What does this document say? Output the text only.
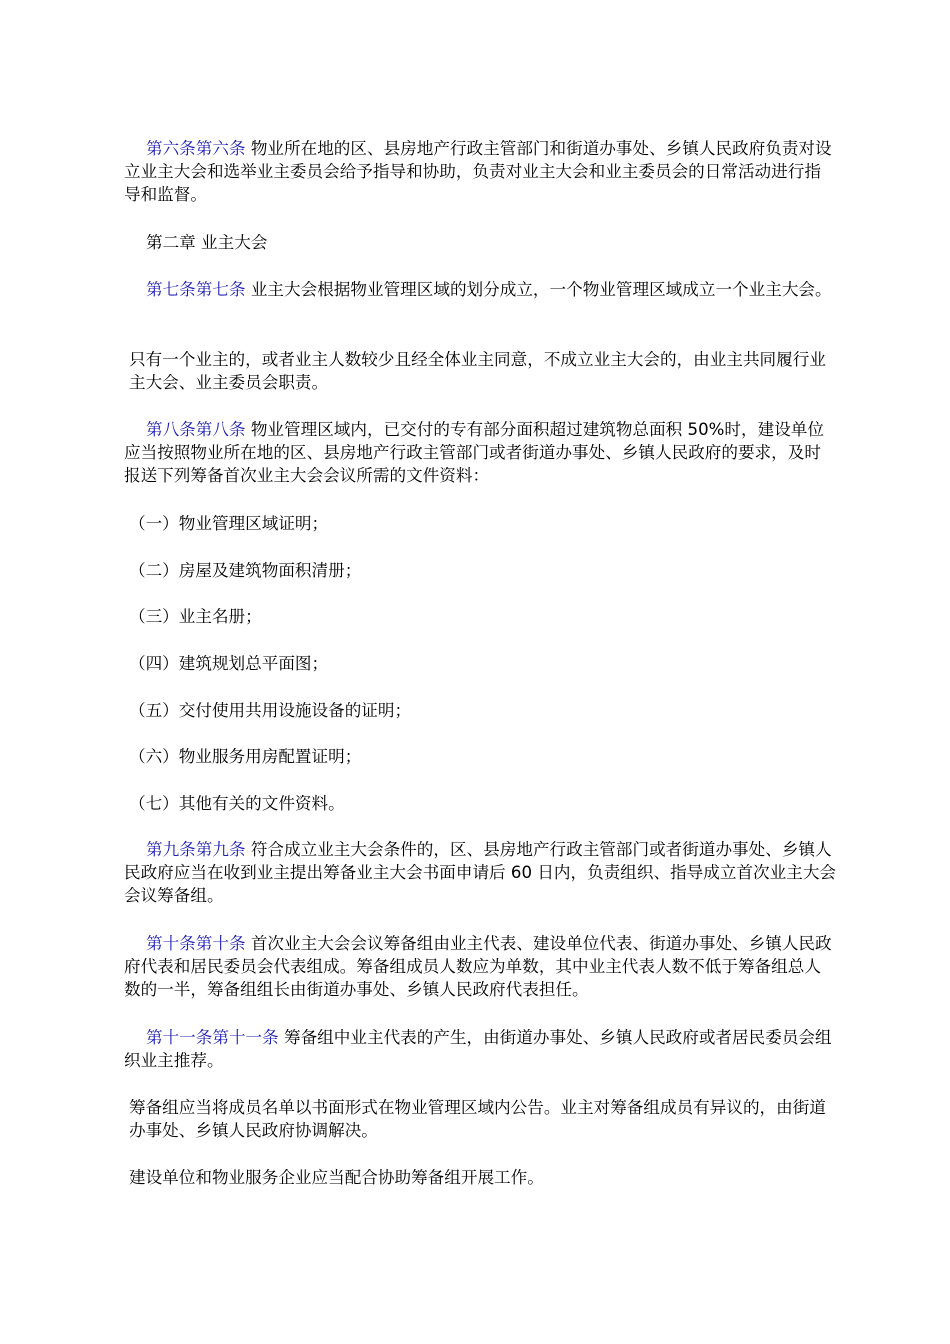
第六条第六条 物业所在地的区、县房地产行政主管部门和街道办事处、乡镇人民政府负责对设立业主大会和选举业主委员会给予指导和协助，负责对业主大会和业主委员会的日常活动进行指导和监督。

第二章 业主大会

第七条第七条 业主大会根据物业管理区域的划分成立，一个物业管理区域成立一个业主大会。

只有一个业主的，或者业主人数较少且经全体业主同意，不成立业主大会的，由业主共同履行业主大会、业主委员会职责。

第八条第八条 物业管理区域内，已交付的专有部分面积超过建筑物总面积 50%时，建设单位应当按照物业所在地的区、县房地产行政主管部门或者街道办事处、乡镇人民政府的要求，及时报送下列筹备首次业主大会会议所需的文件资料：

（一）物业管理区域证明；

（二）房屋及建筑物面积清册；

（三）业主名册；

（四）建筑规划总平面图；

（五）交付使用共用设施设备的证明；

（六）物业服务用房配置证明；

（七）其他有关的文件资料。

第九条第九条 符合成立业主大会条件的，区、县房地产行政主管部门或者街道办事处、乡镇人民政府应当在收到业主提出筹备业主大会书面申请后 60 日内，负责组织、指导成立首次业主大会会议筹备组。

第十条第十条 首次业主大会会议筹备组由业主代表、建设单位代表、街道办事处、乡镇人民政府代表和居民委员会代表组成。筹备组成员人数应为单数，其中业主代表人数不低于筹备组总人数的一半，筹备组组长由街道办事处、乡镇人民政府代表担任。

第十一条第十一条 筹备组中业主代表的产生，由街道办事处、乡镇人民政府或者居民委员会组织业主推荐。

筹备组应当将成员名单以书面形式在物业管理区域内公告。业主对筹备组成员有异议的，由街道办事处、乡镇人民政府协调解决。

建设单位和物业服务企业应当配合协助筹备组开展工作。
